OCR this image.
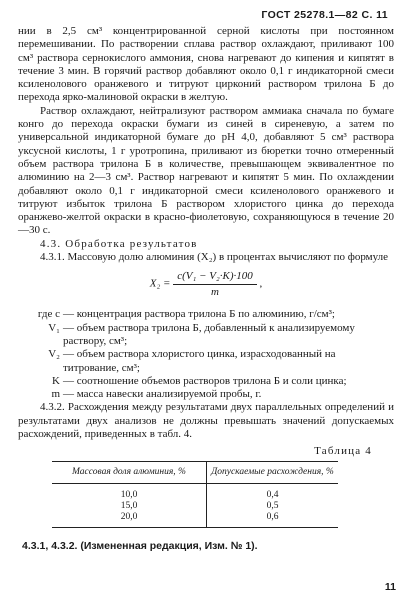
ГОСТ 25278.1—82 С. 11

нии в 2,5 см³ концентрированной серной кислоты при постоянном перемешивании. По растворении сплава раствор охлаждают, приливают 100 см³ раствора сернокислого аммония, снова нагревают до кипения и кипятят в течение 3 мин. В горячий раствор добавляют около 0,1 г индикаторной смеси ксиленолового оранжевого и титруют цирконий раствором трилона Б до перехода ярко-малиновой окраски в желтую.

Раствор охлаждают, нейтрализуют раствором аммиака сначала по бумаге конго до перехода окраски бумаги из синей в сиреневую, а затем по универсальной индикаторной бумаге до pH 4,0, добавляют 5 см³ раствора уксусной кислоты, 1 г уротропина, приливают из бюретки точно отмеренный объем раствора трилона Б в количестве, превышающем эквивалентное по алюминию на 2—3 см³. Раствор нагревают и кипятят 5 мин. По охлаждении добавляют около 0,1 г индикаторной смеси ксиленолового оранжевого и титруют избыток трилона Б раствором хлористого цинка до перехода оранжево-желтой окраски в красно-фиолетовую, сохраняющуюся в течение 20—30 с.

4.3. Обработка результатов

4.3.1. Массовую долю алюминия (X₂) в процентах вычисляют по формуле

$X_2 = \frac{\text{c(V₁ − V₂·K)·100}}{m}$ ,
где c — концентрация раствора трилона Б по алюминию, г/см³;
V₁ — объем раствора трилона Б, добавленный к анализируемому раствору, см³;
V₂ — объем раствора хлористого цинка, израсходованный на титрование, см³;
K — соотношение объемов растворов трилона Б и соли цинка;
m — масса навески анализируемой пробы, г.

4.3.2. Расхождения между результатами двух параллельных определений и результатами двух анализов не должны превышать значений допускаемых расхождений, приведенных в табл. 4.

Таблица 4
Массовая доля алюминия, %	Допускаемые расхождения, %

10,0	0,4
15,0	0,5
20,0	0,6

4.3.1, 4.3.2. (Измененная редакция, Изм. № 1).
11
